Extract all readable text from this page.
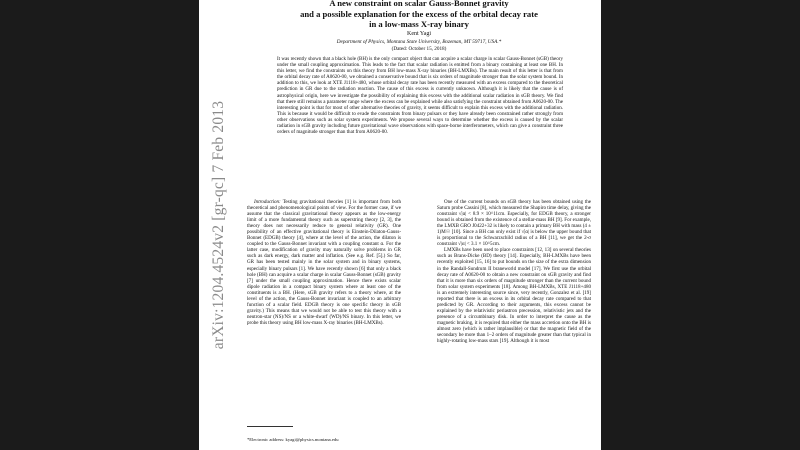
arXiv:1204.4524v2 [gr-qc] 7 Feb 2013
A new constraint on scalar Gauss-Bonnet gravity
and a possible explanation for the excess of the orbital decay rate
in a low-mass X-ray binary
Kent Yagi
Department of Physics, Montana State University, Bozeman, MT 59717, USA.*
(Dated: October 15, 2018)

It was recently shown that a black hole (BH) is the only compact object that can acquire a scalar charge in scalar Gauss-Bonnet (sGB) theory under the small coupling approximation. This leads to the fact that scalar radiation is emitted from a binary containing at least one BH. In this letter, we find the constraints on this theory from BH low-mass X-ray binaries (BH-LMXBs). The main result of this letter is that from the orbital decay rate of A0620-00, we obtained a conservative bound that is six orders of magnitude stronger than the solar system bound. In addition to this, we look at XTE J1118+480, whose orbital decay rate has been recently measured with an excess compared to the theoretical prediction in GR due to the radiation reaction. The cause of this excess is currently unknown. Although it is likely that the cause is of astrophysical origin, here we investigate the possibility of explaining this excess with the additional scalar radiation in sGB theory. We find that there still remains a parameter range where the excess can be explained while also satisfying the constraint obtained from A0620-00. The interesting point is that for most of other alternative theories of gravity, it seems difficult to explain this excess with the additional radiation. This is because it would be difficult to evade the constraints from binary pulsars or they have already been constrained rather strongly from other observations such as solar system experiments. We propose several ways to determine whether the excess is caused by the scalar radiation in sGB gravity including future gravitational wave observations with space-borne interferometers, which can give a constraint three orders of magnitude stronger than that from A0620-00.

Introduction: Testing gravitational theories [1] is important from both theoretical and phenomenological points of view. For the former case, if we assume that the classical gravitational theory appears as the low-energy limit of a more fundamental theory such as superstring theory [2, 3], the theory does not necessarily reduce to general relativity (GR). One possibility of an effective gravitational theory is Einstein-Dilaton-Gauss-Bonnet (EDGB) theory [4], where at the level of the action, the dilaton is coupled to the Gauss-Bonnet invariant with a coupling constant α. For the latter case, modification of gravity may naturally solve problems in GR such as dark energy, dark matter and inflation. (See e.g. Ref. [5].) So far, GR has been tested mainly in the solar system and in binary systems, especially binary pulsars [1]. We have recently shown [6] that only a black hole (BH) can acquire a scalar charge in scalar Gauss-Bonnet (sGB) gravity [7] under the small coupling approximation. Hence there exists scalar dipole radiation in a compact binary system where at least one of the constituents is a BH. (Here, sGB gravity refers to a theory where, at the level of the action, the Gauss-Bonnet invariant is coupled to an arbitrary function of a scalar field. EDGB theory is one specific theory in sGB gravity.) This means that we would not be able to test this theory with a neutron-star (NS)/NS or a white-dwarf (WD)/NS binary. In this letter, we probe this theory using BH low-mass X-ray binaries (BH-LMXBs).

One of the current bounds on sGB theory has been obtained using the Saturn probe Cassini [8], which measured the Shapiro time delay, giving the constraint √|α| < 8.9 × 10^11cm. Especially, for EDGB theory, a stronger bound is obtained from the existence of a stellar-mass BH [9]. For example, the LMXB GRO J0422+32 is likely to contain a primary BH with mass (4 ± 1)M☉ [10]. Since a BH can only exist if √|α| is below the upper bound that is proportional to the Schwarzschild radius of a BH [11], we get the 2-σ constraint √|α| < 3.1 × 10^5cm.

LMXBs have been used to place constraints [12, 13] on several theories such as Brans-Dicke (BD) theory [14]. Especially, BH-LMXBs have been recently exploited [15, 16] to put bounds on the size of the extra dimension in the Randall-Sundrum II braneworld model [17]. We first use the orbital decay rate of A0620-00 to obtain a new constraint on sGB gravity and find that it is more than six orders of magnitude stronger than the current bound from solar system experiments [18]. Among BH-LMXBs, XTE J1118+480 is an extremely interesting source since, very recently, Gonzalez et al. [19] reported that there is an excess in its orbital decay rate compared to that predicted by GR. According to their arguments, this excess cannot be explained by the relativistic periastron precession, relativistic jets and the presence of a circumbinary disk. In order to interpret the cause as the magnetic braking, it is required that either the mass accretion onto the BH is almost zero (which is rather implausible) or that the magnetic field of the secondary be more than 1–2 orders of magnitude greater than that typical in highly-rotating low-mass stars [19]. Although it is most

*Electronic address: kyagi@physics.montana.edu
